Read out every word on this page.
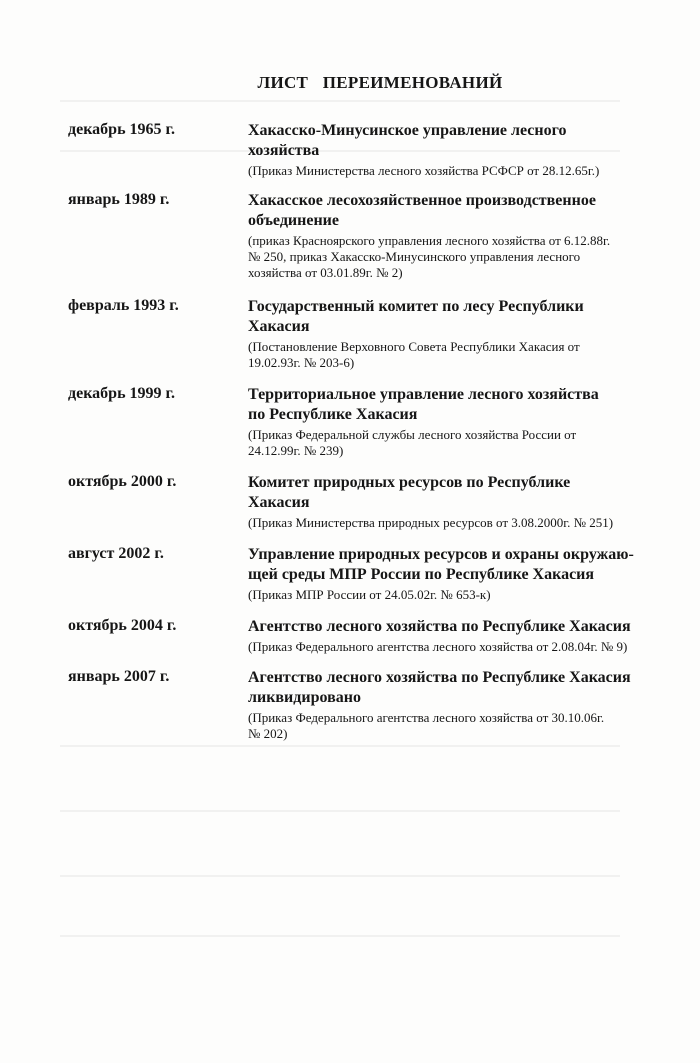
ЛИСТ ПЕРЕИМЕНОВАНИЙ
декабрь 1965 г.	Хакасско-Минусинское управление лесного
хозяйства
(Приказ Министерства лесного хозяйства РСФСР от 28.12.65г.)
январь 1989 г.	Хакасское лесохозяйственное производственное
объединение
(приказ Красноярского управления лесного хозяйства от 6.12.88г.
№ 250, приказ Хакасско-Минусинского управления лесного
хозяйства от 03.01.89г. № 2)
февраль 1993 г.	Государственный комитет по лесу Республики
Хакасия
(Постановление Верховного Совета Республики Хакасия от
19.02.93г. № 203-6)
декабрь 1999 г.	Территориальное управление лесного хозяйства
по Республике Хакасия
(Приказ Федеральной службы лесного хозяйства России от
24.12.99г. № 239)
октябрь 2000 г.	Комитет природных ресурсов по Республике
Хакасия
(Приказ Министерства природных ресурсов от 3.08.2000г. № 251)
август 2002 г.	Управление природных ресурсов и охраны окружаю-
щей среды МПР России по Республике Хакасия
(Приказ МПР России от 24.05.02г. № 653-к)
октябрь 2004 г.	Агентство лесного хозяйства по Республике Хакасия
(Приказ Федерального агентства лесного хозяйства от 2.08.04г. № 9)
январь 2007 г.	Агентство лесного хозяйства по Республике Хакасия
ликвидировано
(Приказ Федерального агентства лесного хозяйства от 30.10.06г.
№ 202)
